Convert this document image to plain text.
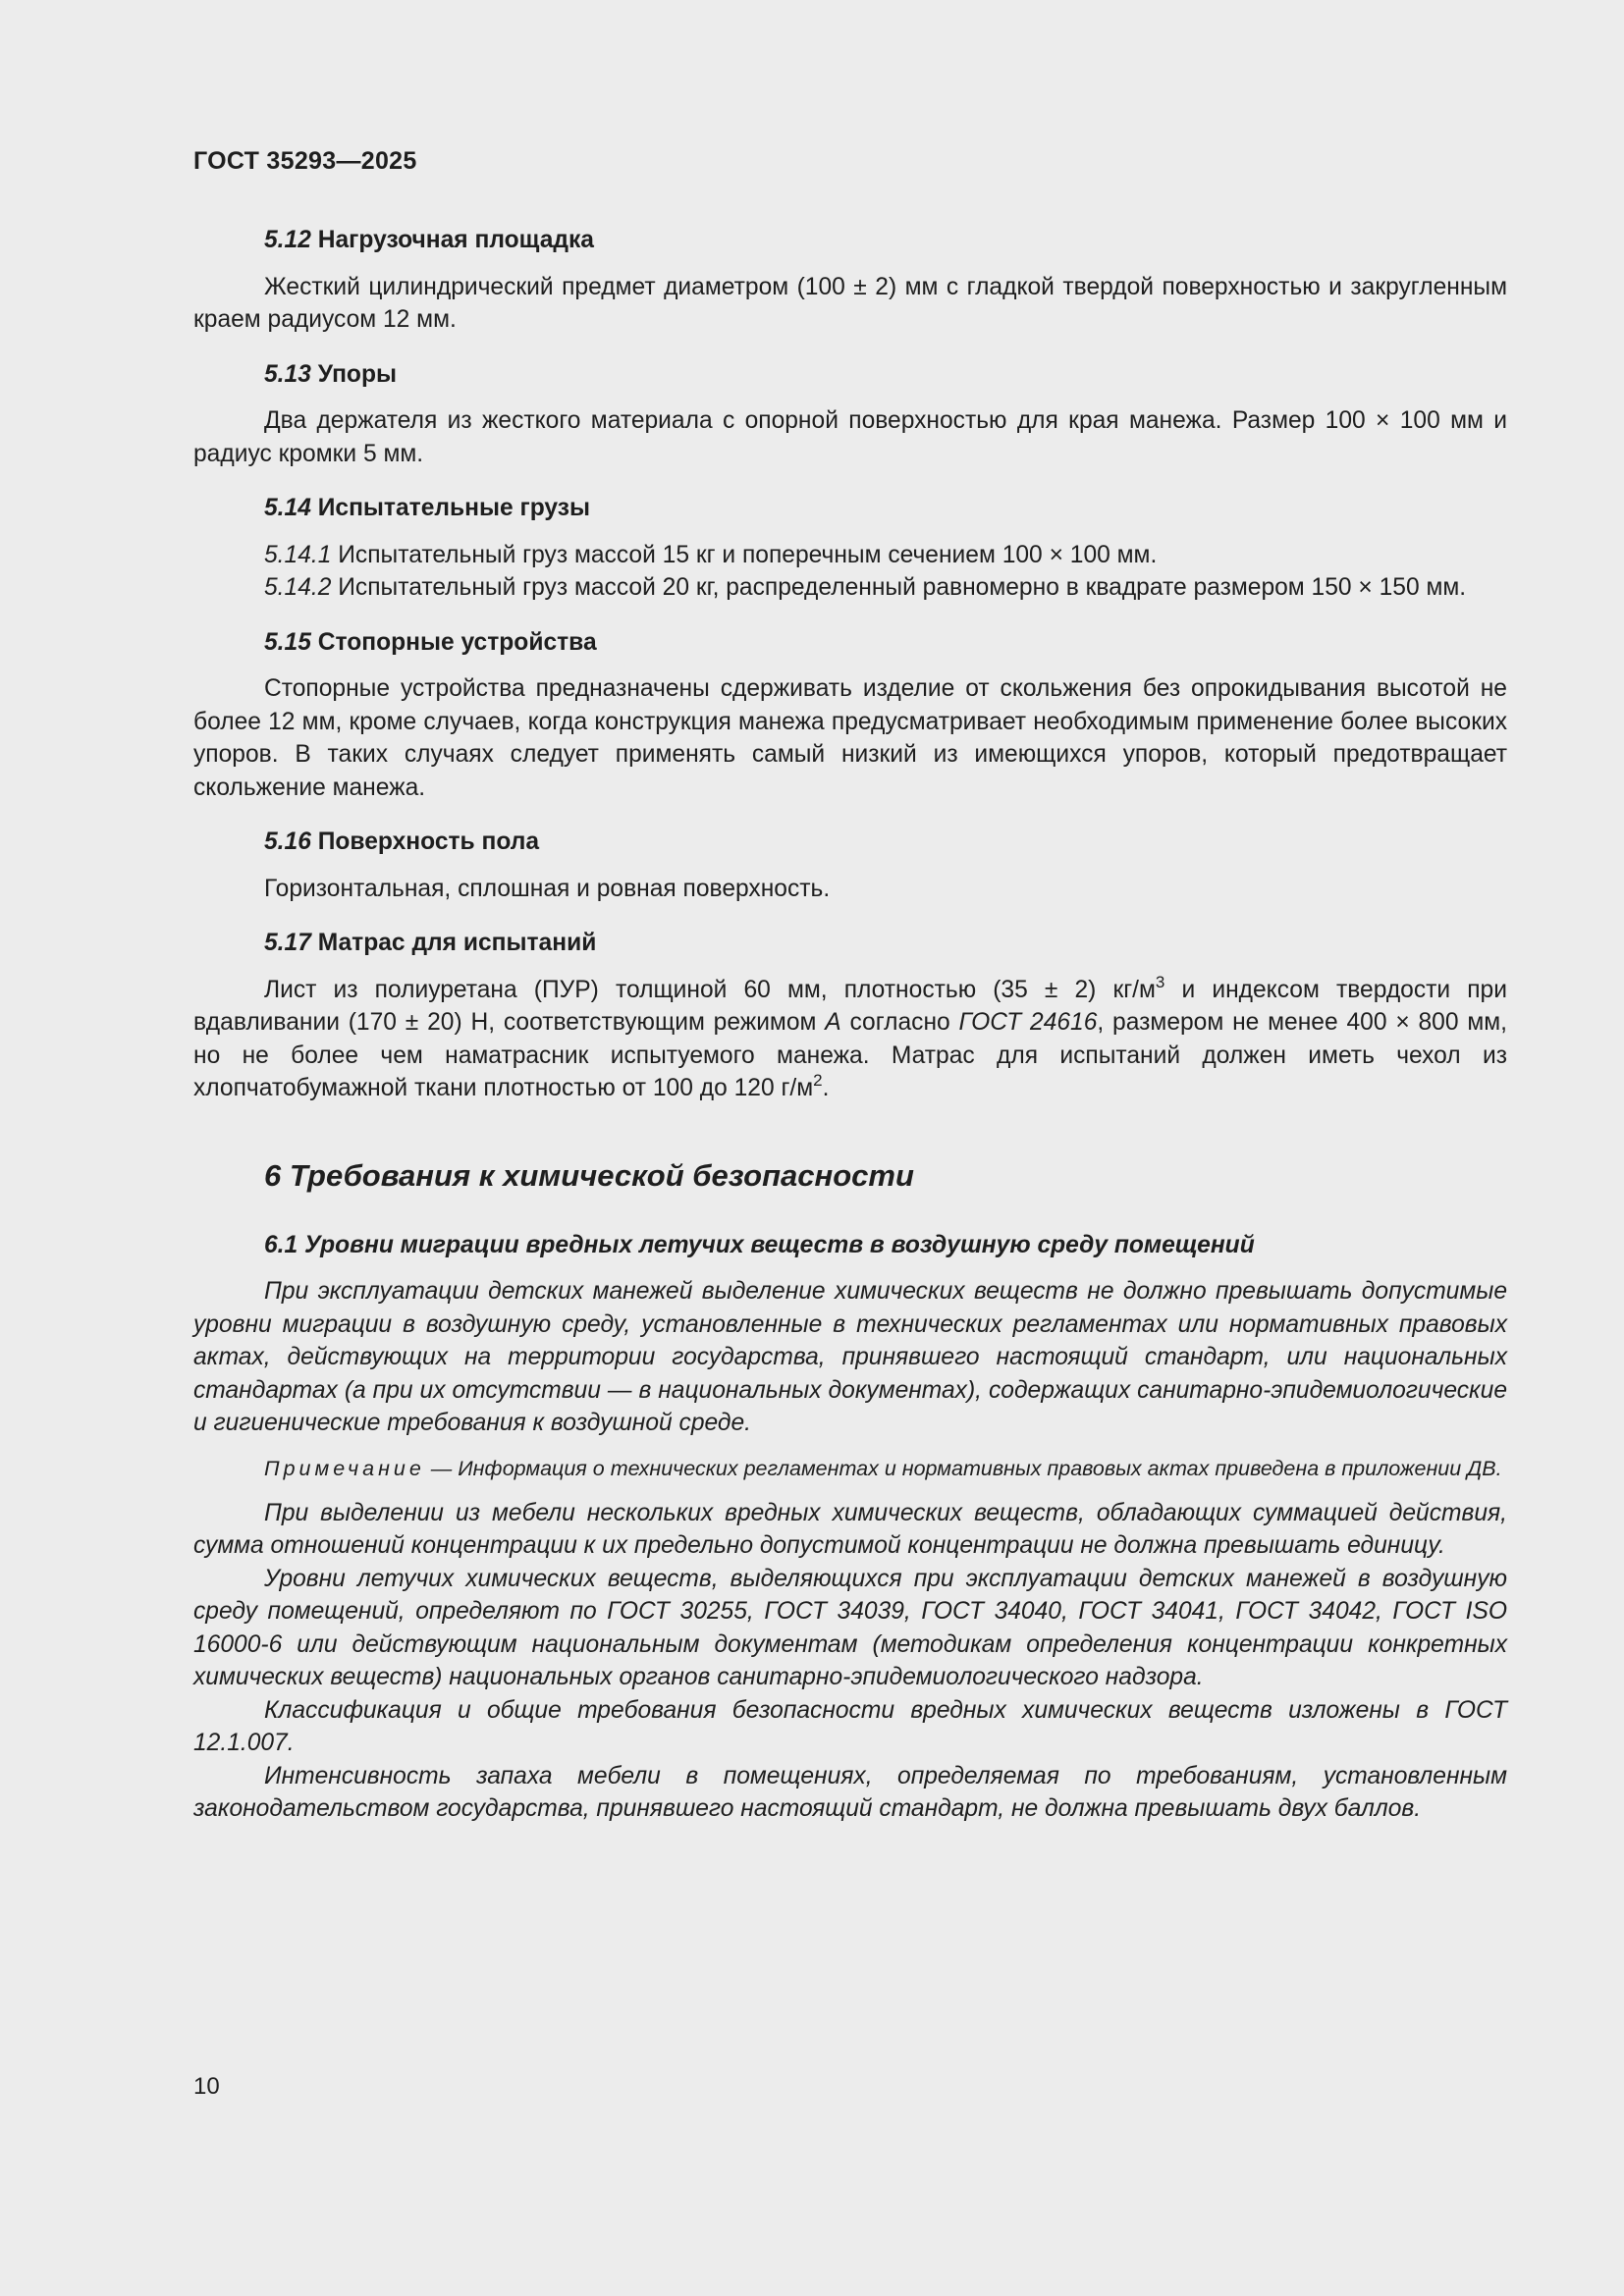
ГОСТ 35293—2025
5.12 Нагрузочная площадка

Жесткий цилиндрический предмет диаметром (100 ± 2) мм с гладкой твердой поверхностью и закругленным краем радиусом 12 мм.

5.13 Упоры

Два держателя из жесткого материала с опорной поверхностью для края манежа. Размер 100 × 100 мм и радиус кромки 5 мм.

5.14 Испытательные грузы

5.14.1 Испытательный груз массой 15 кг и поперечным сечением 100 × 100 мм.

5.14.2 Испытательный груз массой 20 кг, распределенный равномерно в квадрате размером 150 × 150 мм.

5.15 Стопорные устройства

Стопорные устройства предназначены сдерживать изделие от скольжения без опрокидывания высотой не более 12 мм, кроме случаев, когда конструкция манежа предусматривает необходимым применение более высоких упоров. В таких случаях следует применять самый низкий из имеющихся упоров, который предотвращает скольжение манежа.

5.16 Поверхность пола

Горизонтальная, сплошная и ровная поверхность.

5.17 Матрас для испытаний

Лист из полиуретана (ПУР) толщиной 60 мм, плотностью (35 ± 2) $кг/м^3$ и индексом твердости при вдавливании (170 ± 20) Н, соответствующим режимом А согласно ГОСТ 24616, размером не менее 400 × 800 мм, но не более чем наматрасник испытуемого манежа. Матрас для испытаний должен иметь чехол из хлопчатобумажной ткани плотностью от 100 до 120 $г/м^2$.

6 Требования к химической безопасности
6.1 Уровни миграции вредных летучих веществ в воздушную среду помещений

При эксплуатации детских манежей выделение химических веществ не должно превышать допустимые уровни миграции в воздушную среду, установленные в технических регламентах или нормативных правовых актах, действующих на территории государства, принявшего настоящий стандарт, или национальных стандартах (а при их отсутствии — в национальных документах), содержащих санитарно-эпидемиологические и гигиенические требования к воздушной среде.

Примечание — Информация о технических регламентах и нормативных правовых актах приведена в приложении ДВ.

При выделении из мебели нескольких вредных химических веществ, обладающих суммацией действия, сумма отношений концентрации к их предельно допустимой концентрации не должна превышать единицу.

Уровни летучих химических веществ, выделяющихся при эксплуатации детских манежей в воздушную среду помещений, определяют по ГОСТ 30255, ГОСТ 34039, ГОСТ 34040, ГОСТ 34041, ГОСТ 34042, ГОСТ ISO 16000-6 или действующим национальным документам (методикам определения концентрации конкретных химических веществ) национальных органов санитарно-эпидемиологического надзора.

Классификация и общие требования безопасности вредных химических веществ изложены в ГОСТ 12.1.007.

Интенсивность запаха мебели в помещениях, определяемая по требованиям, установленным законодательством государства, принявшего настоящий стандарт, не должна превышать двух баллов.

10
